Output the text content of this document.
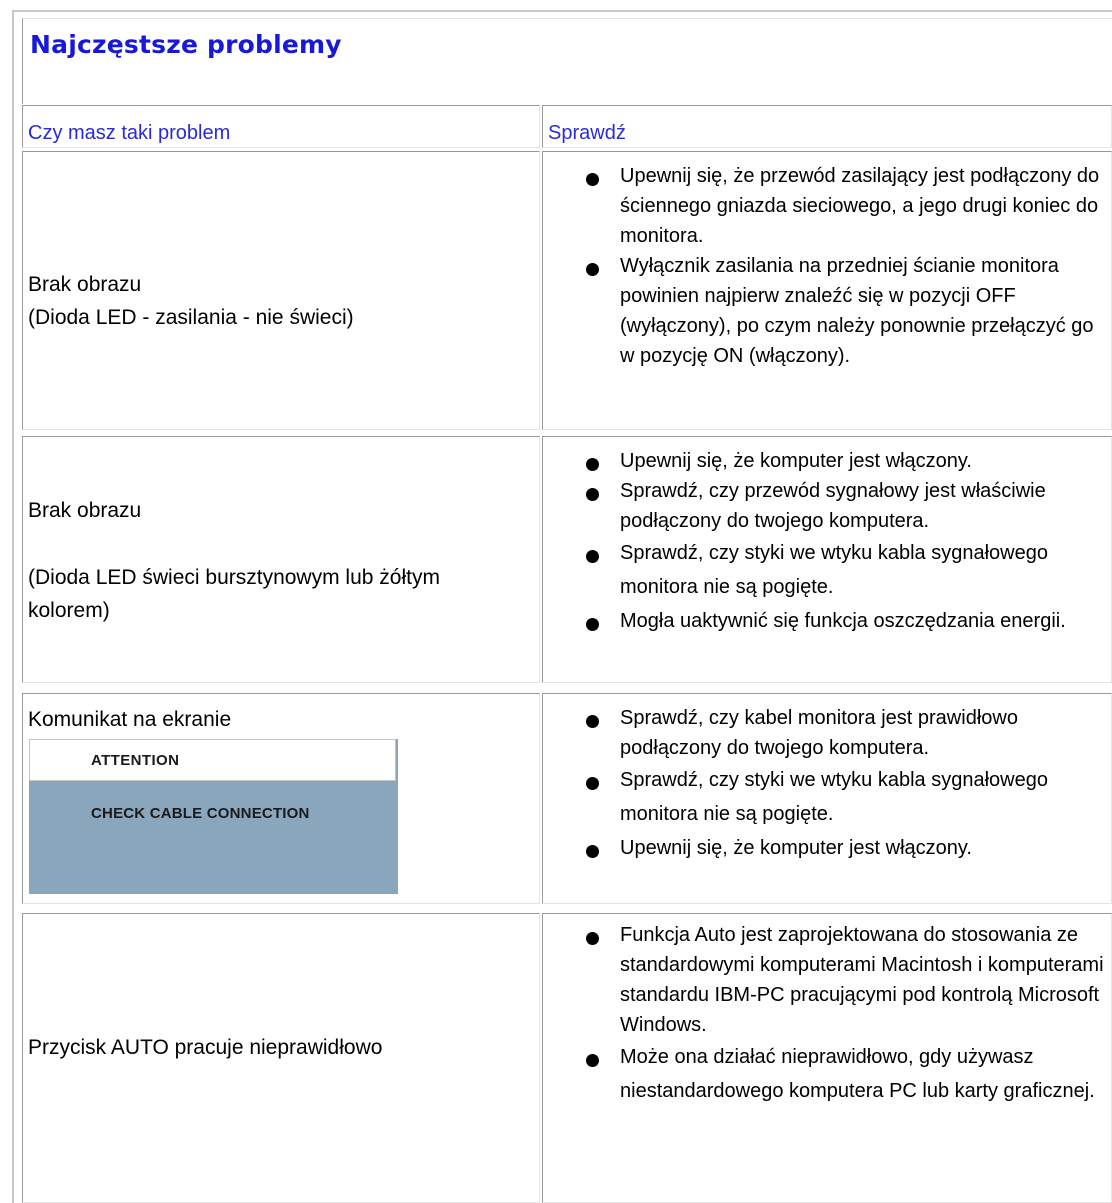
Najczęstsze problemy
Czy masz taki problem	Sprawdź
Brak obrazu
(Dioda LED - zasilania - nie świeci)
Upewnij się, że przewód zasilający jest podłączony do ściennego gniazda sieciowego, a jego drugi koniec do monitora.
Wyłącznik zasilania na przedniej ścianie monitora powinien najpierw znaleźć się w pozycji OFF (wyłączony), po czym należy ponownie przełączyć go w pozycję ON (włączony).
Brak obrazu
(Dioda LED świeci bursztynowym lub żółtym kolorem)
Upewnij się, że komputer jest włączony.
Sprawdź, czy przewód sygnałowy jest właściwie podłączony do twojego komputera.
Sprawdź, czy styki we wtyku kabla sygnałowego monitora nie są pogięte.
Mogła uaktywnić się funkcja oszczędzania energii.
Komunikat na ekranie
ATTENTION
CHECK CABLE CONNECTION
Sprawdź, czy kabel monitora jest prawidłowo podłączony do twojego komputera.
Sprawdź, czy styki we wtyku kabla sygnałowego monitora nie są pogięte.
Upewnij się, że komputer jest włączony.
Przycisk AUTO pracuje nieprawidłowo
Funkcja Auto jest zaprojektowana do stosowania ze standardowymi komputerami Macintosh i komputerami standardu IBM-PC pracującymi pod kontrolą Microsoft Windows.
Może ona działać nieprawidłowo, gdy używasz niestandardowego komputera PC lub karty graficznej.
